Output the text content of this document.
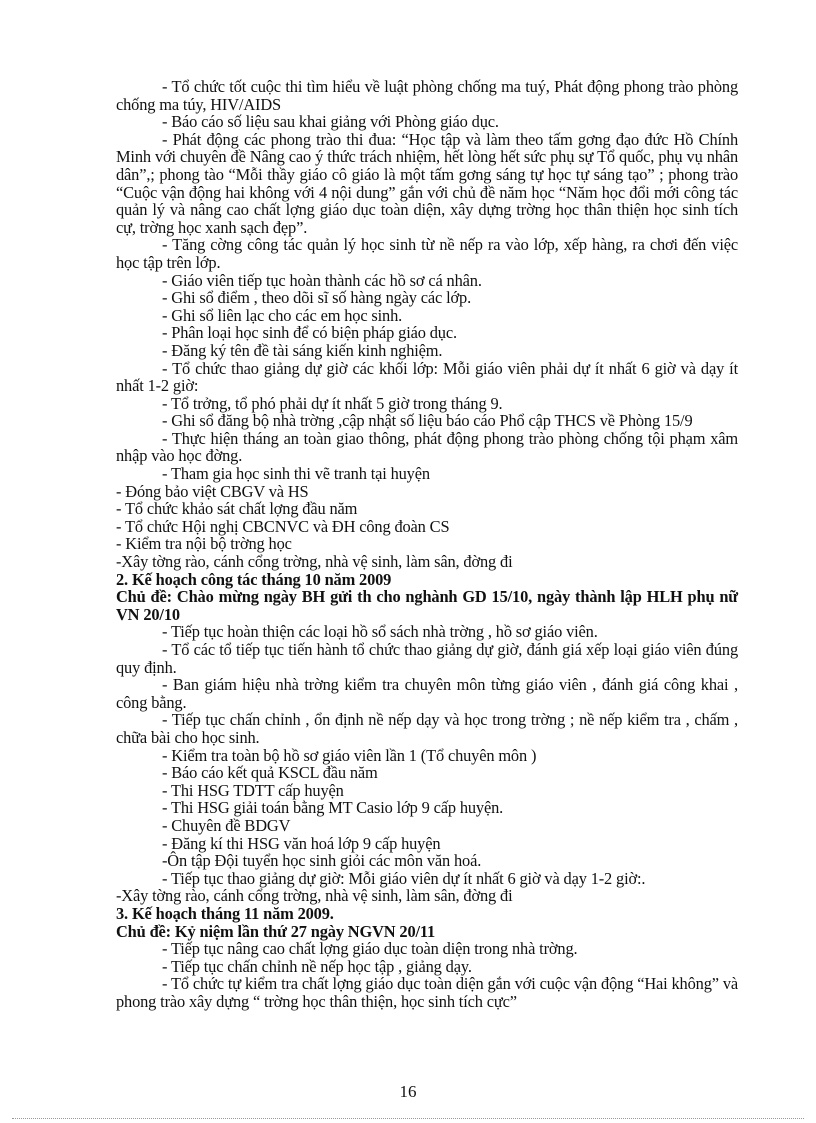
- Tổ chức tốt cuộc thi tìm hiểu về luật phòng chống ma tuý, Phát động phong trào phòng chống ma túy, HIV/AIDS

- Báo cáo số liệu sau khai giảng với Phòng giáo dục.

- Phát động các phong trào thi đua: “Học tập và làm theo tấm gơng đạo đức Hồ Chính Minh với chuyên đề Nâng cao ý thức trách nhiệm, hết lòng hết sức phụ sự Tổ quốc, phụ vụ nhân dân”,; phong tào “Mỗi thầy giáo cô giáo là một tấm gơng sáng tự học tự sáng tạo” ; phong trào “Cuộc vận động hai không với 4 nội dung” gắn với chủ đề năm học “Năm học đổi mới công tác quản lý và nâng cao chất lợng giáo dục toàn diện, xây dựng trờng học thân thiện học sinh tích cự, trờng học xanh sạch đẹp”.

- Tăng cờng công tác quản lý học sinh từ nề nếp ra vào lớp, xếp hàng, ra chơi đến việc học tập trên lớp.

- Giáo viên tiếp tục hoàn thành các hồ sơ cá nhân.

- Ghi sổ điểm , theo dõi sĩ số hàng ngày các lớp.

- Ghi sổ liên lạc cho các em học sinh.

- Phân loại học sinh để có biện pháp giáo dục.

- Đăng ký tên đề tài sáng kiến kinh nghiệm.

- Tổ chức thao giảng dự giờ các khối lớp: Mỗi giáo viên phải dự ít nhất 6 giờ và dạy ít nhất 1-2 giờ:

- Tổ trởng, tổ phó phải dự ít nhất 5 giờ trong tháng 9.

- Ghi sổ đăng bộ nhà trờng ,cập nhật số liệu báo cáo Phổ cập THCS về Phòng 15/9

- Thực hiện tháng an toàn giao thông, phát động phong trào phòng chống tội phạm xâm nhập vào học đờng.

- Tham gia học sinh thi vẽ tranh tại huyện

- Đóng bảo việt CBGV và HS

- Tổ chức khảo sát chất lợng đầu năm

- Tổ chức Hội nghị CBCNVC và ĐH công đoàn CS

- Kiểm tra nội bộ trờng học

-Xây tờng rào, cánh cổng trờng, nhà vệ sinh, làm sân, đờng đi

2. Kế hoạch công tác tháng 10 năm 2009

Chủ đề: Chào mừng ngày BH gửi th cho nghành GD 15/10, ngày thành lập HLH phụ nữ VN 20/10

- Tiếp tục hoàn thiện các loại hồ sổ sách nhà trờng , hồ sơ giáo viên.

- Tổ các tổ tiếp tục tiến hành tổ chức thao giảng dự giờ, đánh giá xếp loại giáo viên đúng quy định.

- Ban giám hiệu nhà trờng kiểm tra chuyên môn từng giáo viên , đánh giá công khai , công bằng.

- Tiếp tục chấn chỉnh , ổn định nề nếp dạy và học trong trờng ; nề nếp kiểm tra , chấm , chữa bài cho học sinh.

- Kiểm tra toàn bộ hồ sơ giáo viên lần 1 (Tổ chuyên môn )

- Báo cáo kết quả KSCL đầu năm

- Thi HSG TDTT cấp huyện

- Thi HSG giải toán bằng MT Casio lớp 9 cấp huyện.

- Chuyên đề BDGV

- Đăng kí thi HSG văn hoá lớp 9 cấp huyện

-Ôn tập Đội tuyển học sinh giỏi các môn văn hoá.

- Tiếp tục thao giảng dự giờ: Mỗi giáo viên dự ít nhất 6 giờ và dạy 1-2 giờ:.

-Xây tờng rào, cánh cổng trờng, nhà vệ sinh, làm sân, đờng đi

3. Kế hoạch tháng 11 năm 2009.

Chủ đề: Kỷ niệm lần thứ 27 ngày NGVN 20/11

- Tiếp tục nâng cao chất lợng giáo dục toàn diện trong nhà trờng.

- Tiếp tục chấn chỉnh nề nếp học tập , giảng dạy.

- Tổ chức tự kiểm tra chất lợng giáo dục toàn diện gắn với cuộc vận động “Hai không” và phong trào xây dựng “ trờng học thân thiện, học sinh tích cực”

16
